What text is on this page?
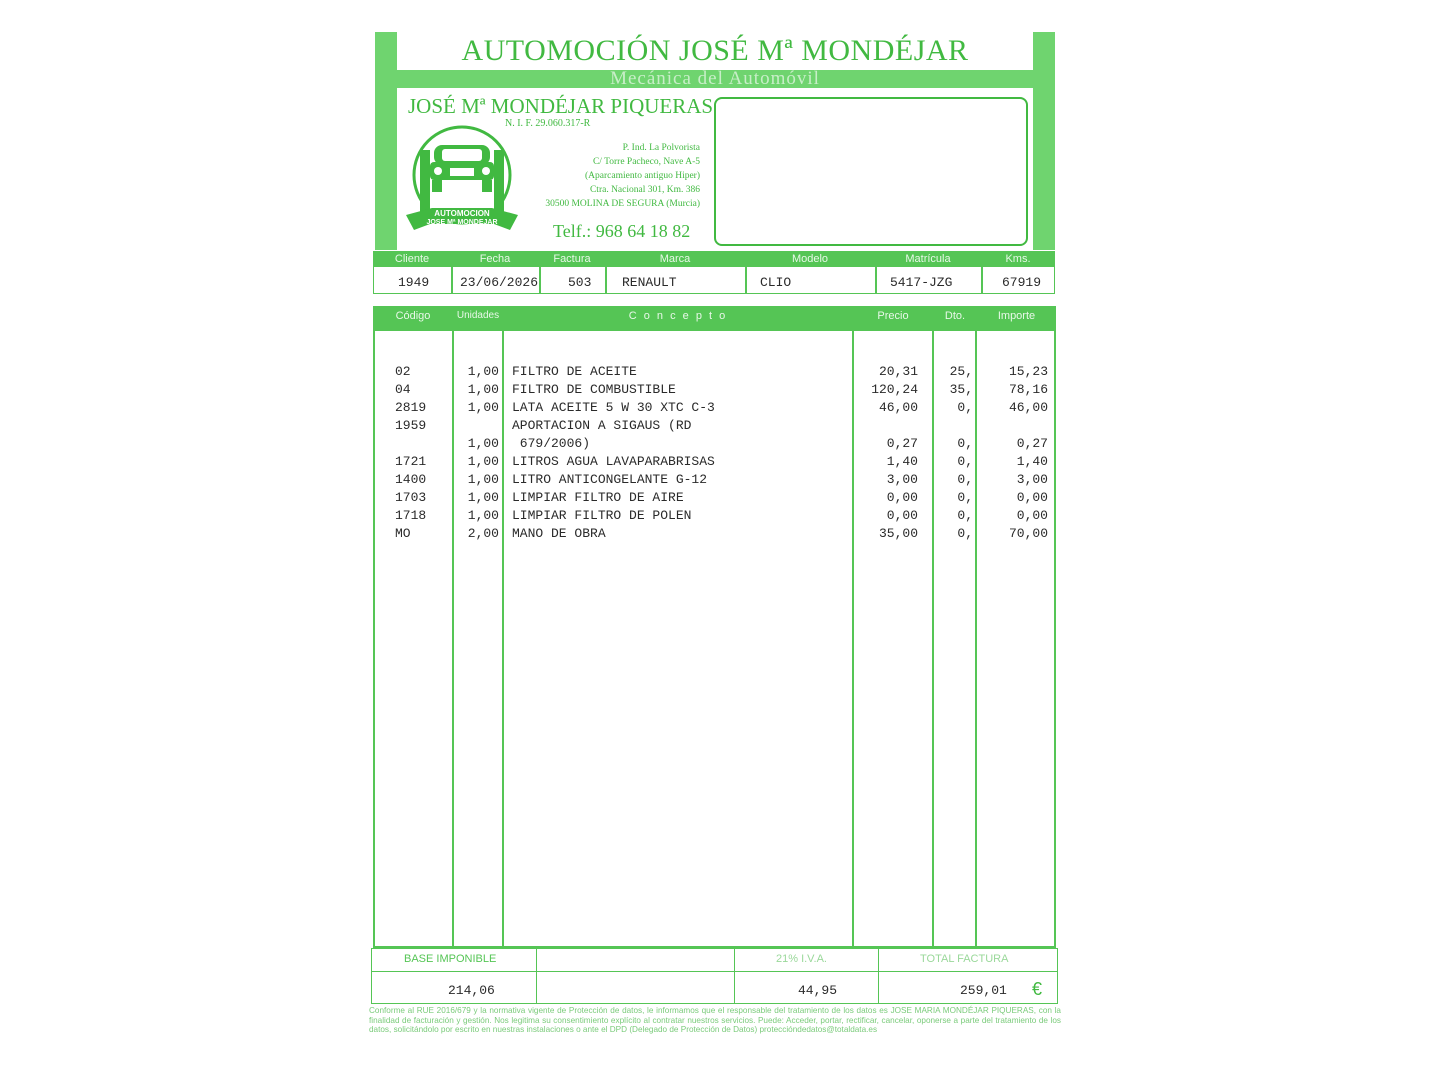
AUTOMOCIÓN JOSÉ Mª MONDÉJAR
Mecánica del Automóvil
JOSÉ Mª MONDÉJAR PIQUERAS
N. I. F. 29.060.317-R
P. Ind. La Polvorista
C/ Torre Pacheco, Nave A-5
(Aparcamiento antiguo Hiper)
Ctra. Nacional 301, Km. 386
30500 MOLINA DE SEGURA (Murcia)
Telf.: 968 64 18 82
AUTOMOCION
JOSE Mª MONDEJAR
Cliente	Fecha	Factura	Marca	Modelo	Matrícula	Kms.
1949 23/06/2026 503 RENAULT	CLIO	5417-JZG	67919
Código	Unidades	C o n c e p t o	Precio	Dto.	Importe
02	1,00 FILTRO DE ACEITE	20,31	25,	15,23
04	1,00 FILTRO DE COMBUSTIBLE	120,24	35,	78,16
2819	1,00 LATA ACEITE 5 W 30 XTC C-3	46,00	0,	46,00
1959	APORTACION A SIGAUS (RD
1,00 679/2006)	0,27	0,	0,27
1721	1,00 LITROS AGUA LAVAPARABRISAS	1,40	0,	1,40
1400	1,00 LITRO ANTICONGELANTE G-12	3,00	0,	3,00
1703	1,00 LIMPIAR FILTRO DE AIRE	0,00	0,	0,00
1718	1,00 LIMPIAR FILTRO DE POLEN	0,00	0,	0,00
MO	2,00 MANO DE OBRA	35,00	0,	70,00
BASE IMPONIBLE
214,06
21% I.V.A.
44,95
TOTAL FACTURA
259,01 €
Conforme al RUE 2016/679 y la normativa vigente de Protección de datos, le informamos que el responsable del tratamiento de los datos es JOSE MARIA MONDÉJAR PIQUERAS, con la finalidad de facturación y gestión. Nos legitima su consentimiento explícito al contratar nuestros servicios. Puede: Acceder, portar, rectificar, cancelar, oponerse a parte del tratamiento de los datos, solicitándolo por escrito en nuestras instalaciones o ante el DPD (Delegado de Protección de Datos) proteccióndedatos@totaldata.es
